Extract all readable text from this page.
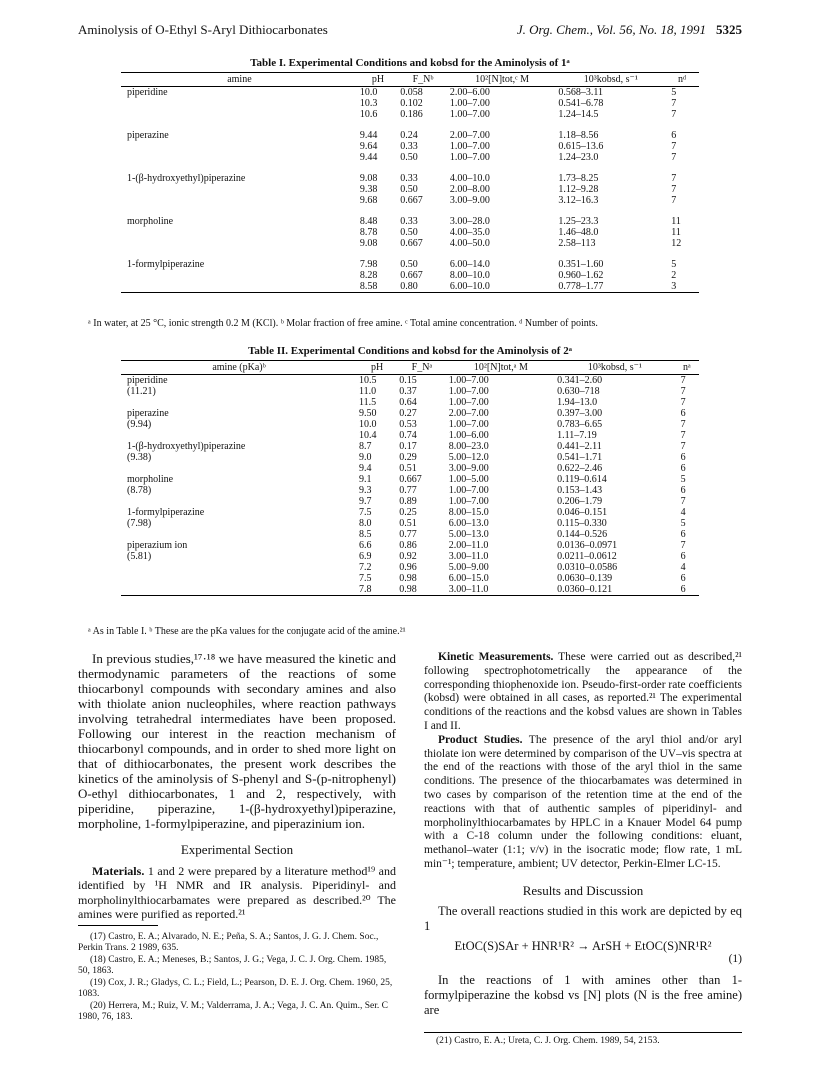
Aminolysis of O-Ethyl S-Aryl Dithiocarbonates	J. Org. Chem., Vol. 56, No. 18, 1991 5325
Table I. Experimental Conditions and kobsd for the Aminolysis of 1ᵃ
amine	pH	F_Nᵇ	10²[N]tot,ᶜ M	10³kobsd, s⁻¹	nᵈ
piperidine	10.0	0.058	2.00–6.00	0.568–3.11	5
	10.3	0.102	1.00–7.00	0.541–6.78	7
	10.6	0.186	1.00–7.00	1.24–14.5	7
piperazine	9.44	0.24	2.00–7.00	1.18–8.56	6
	9.64	0.33	1.00–7.00	0.615–13.6	7
	9.44	0.50	1.00–7.00	1.24–23.0	7
1-(β-hydroxyethyl)piperazine	9.08	0.33	4.00–10.0	1.73–8.25	7
	9.38	0.50	2.00–8.00	1.12–9.28	7
	9.68	0.667	3.00–9.00	3.12–16.3	7
morpholine	8.48	0.33	3.00–28.0	1.25–23.3	11
	8.78	0.50	4.00–35.0	1.46–48.0	11
	9.08	0.667	4.00–50.0	2.58–113	12
1-formylpiperazine	7.98	0.50	6.00–14.0	0.351–1.60	5
	8.28	0.667	8.00–10.0	0.960–1.62	2
	8.58	0.80	6.00–10.0	0.778–1.77	3
ᵃ In water, at 25 °C, ionic strength 0.2 M (KCl). ᵇ Molar fraction of free amine. ᶜ Total amine concentration. ᵈ Number of points.
Table II. Experimental Conditions and kobsd for the Aminolysis of 2ᵃ
amine (pKa)ᵇ	pH	F_Nᵃ	10²[N]tot,ᵃ M	10³kobsd, s⁻¹	nᵃ
piperidine	10.5	0.15	1.00–7.00	0.341–2.60	7
(11.21)	11.0	0.37	1.00–7.00	0.630–718	7
	11.5	0.64	1.00–7.00	1.94–13.0	7
piperazine	9.50	0.27	2.00–7.00	0.397–3.00	6
(9.94)	10.0	0.53	1.00–7.00	0.783–6.65	7
	10.4	0.74	1.00–6.00	1.11–7.19	7
1-(β-hydroxyethyl)piperazine	8.7	0.17	8.00–23.0	0.441–2.11	7
(9.38)	9.0	0.29	5.00–12.0	0.541–1.71	6
	9.4	0.51	3.00–9.00	0.622–2.46	6
morpholine	9.1	0.667	1.00–5.00	0.119–0.614	5
(8.78)	9.3	0.77	1.00–7.00	0.153–1.43	6
	9.7	0.89	1.00–7.00	0.206–1.79	7
1-formylpiperazine	7.5	0.25	8.00–15.0	0.046–0.151	4
(7.98)	8.0	0.51	6.00–13.0	0.115–0.330	5
	8.5	0.77	5.00–13.0	0.144–0.526	6
piperazium ion	6.6	0.86	2.00–11.0	0.0136–0.0971	7
(5.81)	6.9	0.92	3.00–11.0	0.0211–0.0612	6
	7.2	0.96	5.00–9.00	0.0310–0.0586	4
	7.5	0.98	6.00–15.0	0.0630–0.139	6
	7.8	0.98	3.00–11.0	0.0360–0.121	6
ᵃ As in Table I. ᵇ These are the pKa values for the conjugate acid of the amine.²¹

In previous studies,¹⁷·¹⁸ we have measured the kinetic and thermodynamic parameters of the reactions of some thiocarbonyl compounds with secondary amines and also with thiolate anion nucleophiles, where reaction pathways involving tetrahedral intermediates have been proposed. Following our interest in the reaction mechanism of thiocarbonyl compounds, and in order to shed more light on that of dithiocarbonates, the present work describes the kinetics of the aminolysis of S-phenyl and S-(p-nitrophenyl) O-ethyl dithiocarbonates, 1 and 2, respectively, with piperidine, piperazine, 1-(β-hydroxyethyl)piperazine, morpholine, 1-formylpiperazine, and piperazinium ion.

Experimental Section

Materials. 1 and 2 were prepared by a literature method¹⁹ and identified by ¹H NMR and IR analysis. Piperidinyl- and morpholinylthiocarbamates were prepared as described.²⁰ The amines were purified as reported.²¹

(17) Castro, E. A.; Alvarado, N. E.; Peña, S. A.; Santos, J. G. J. Chem. Soc., Perkin Trans. 2 1989, 635.

(18) Castro, E. A.; Meneses, B.; Santos, J. G.; Vega, J. C. J. Org. Chem. 1985, 50, 1863.

(19) Cox, J. R.; Gladys, C. L.; Field, L.; Pearson, D. E. J. Org. Chem. 1960, 25, 1083.

(20) Herrera, M.; Ruiz, V. M.; Valderrama, J. A.; Vega, J. C. An. Quim., Ser. C 1980, 76, 183.

Kinetic Measurements. These were carried out as described,²¹ following spectrophotometrically the appearance of the corresponding thiophenoxide ion. Pseudo-first-order rate coefficients (kobsd) were obtained in all cases, as reported.²¹ The experimental conditions of the reactions and the kobsd values are shown in Tables I and II.

Product Studies. The presence of the aryl thiol and/or aryl thiolate ion were determined by comparison of the UV–vis spectra at the end of the reactions with those of the aryl thiol in the same conditions. The presence of the thiocarbamates was determined in two cases by comparison of the retention time at the end of the reactions with that of authentic samples of piperidinyl- and morpholinylthiocarbamates by HPLC in a Knauer Model 64 pump with a C-18 column under the following conditions: eluant, methanol–water (1:1; v/v) in the isocratic mode; flow rate, 1 mL min⁻¹; temperature, ambient; UV detector, Perkin-Elmer LC-15.

Results and Discussion

The overall reactions studied in this work are depicted by eq 1

EtOC(S)SAr + HNR¹R² → ArSH + EtOC(S)NR¹R²
(1)

In the reactions of 1 with amines other than 1-formylpiperazine the kobsd vs [N] plots (N is the free amine) are

(21) Castro, E. A.; Ureta, C. J. Org. Chem. 1989, 54, 2153.
